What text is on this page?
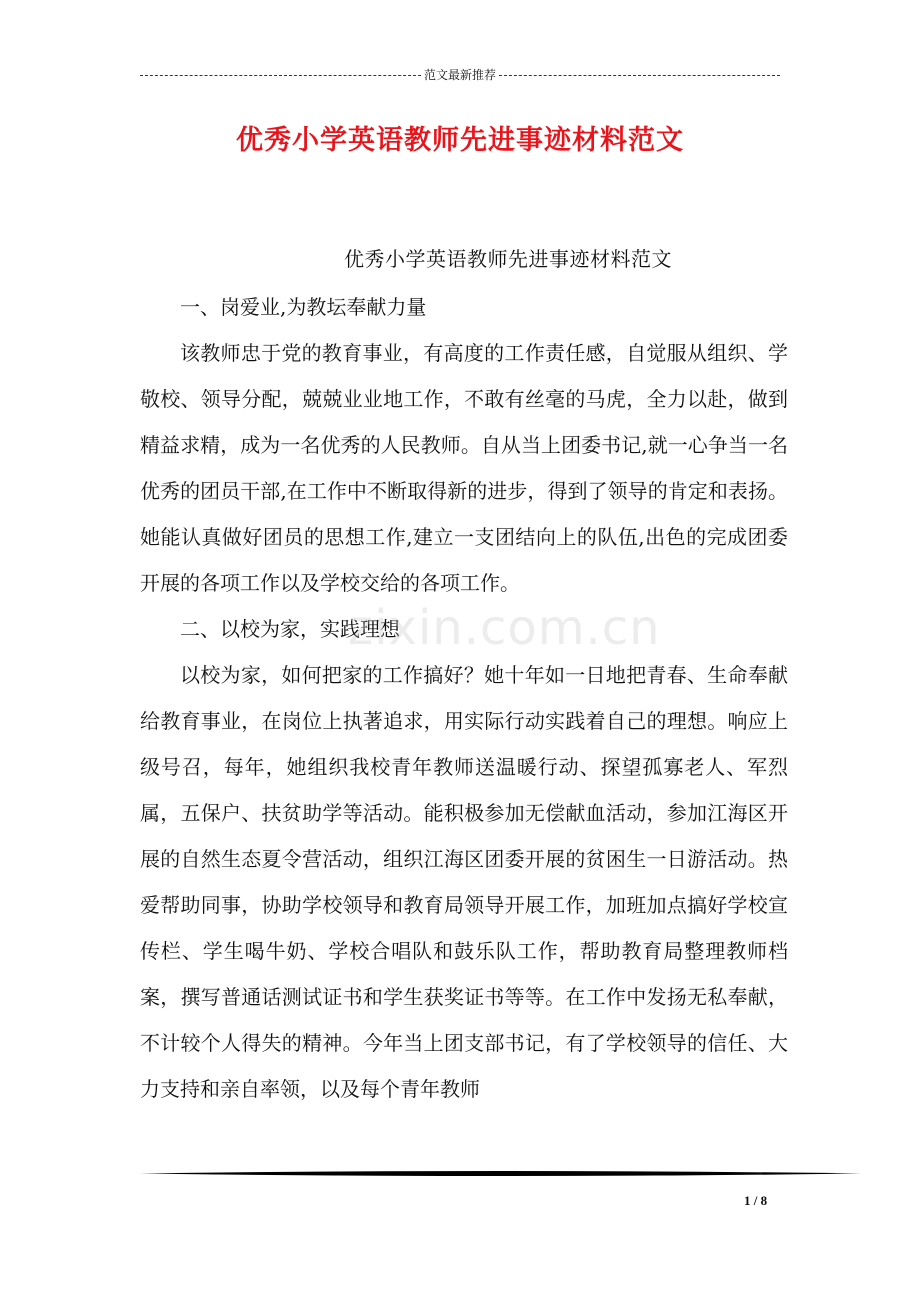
范文最新推荐
优秀小学英语教师先进事迹材料范文
优秀小学英语教师先进事迹材料范文

一、岗爱业,为教坛奉献力量

该教师忠于党的教育事业，有高度的工作责任感，自觉服从组织、学敬校、领导分配，兢兢业业地工作，不敢有丝毫的马虎，全力以赴，做到精益求精，成为一名优秀的人民教师。自从当上团委书记,就一心争当一名优秀的团员干部,在工作中不断取得新的进步，得到了领导的肯定和表扬。她能认真做好团员的思想工作,建立一支团结向上的队伍,出色的完成团委开展的各项工作以及学校交给的各项工作。

二、以校为家，实践理想

以校为家，如何把家的工作搞好？她十年如一日地把青春、生命奉献给教育事业，在岗位上执著追求，用实际行动实践着自己的理想。响应上级号召，每年，她组织我校青年教师送温暖行动、探望孤寡老人、军烈属，五保户、扶贫助学等活动。能积极参加无偿献血活动，参加江海区开展的自然生态夏令营活动，组织江海区团委开展的贫困生一日游活动。热爱帮助同事，协助学校领导和教育局领导开展工作，加班加点搞好学校宣传栏、学生喝牛奶、学校合唱队和鼓乐队工作，帮助教育局整理教师档案，撰写普通话测试证书和学生获奖证书等等。在工作中发扬无私奉献，不计较个人得失的精神。今年当上团支部书记，有了学校领导的信任、大力支持和亲自率领，以及每个青年教师

zixin.com.cn
1 / 8
